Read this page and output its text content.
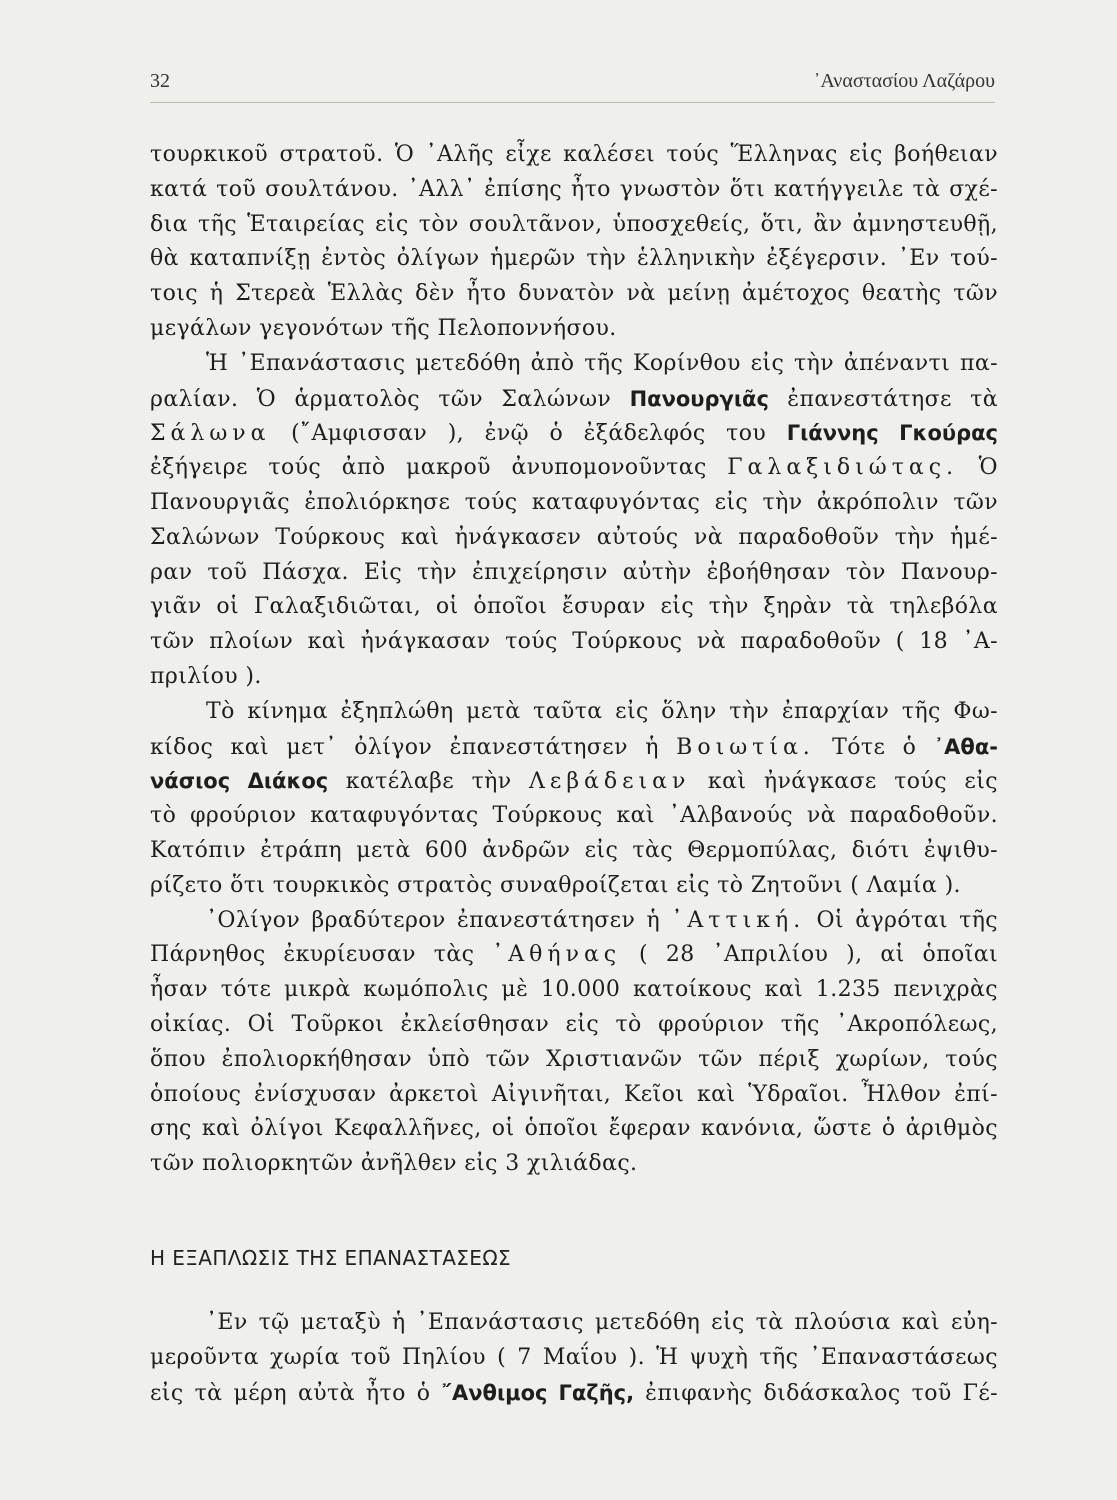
32	᾿Αναστασίου Λαζάρου
τουρκικοῦ στρατοῦ. Ὁ ᾿Αλῆς εἶχε καλέσει τούς Ἕλληνας εἰς βοήθειαν
κατά τοῦ σουλτάνου. ᾿Αλλ᾿ ἐπίσης ἦτο γνωστὸν ὅτι κατήγγειλε τὰ σχέ-
δια τῆς Ἑταιρείας εἰς τὸν σουλτᾶνον, ὑποσχεθείς, ὅτι, ἂν ἀμνηστευθῇ,
θὰ καταπνίξῃ ἐντὸς ὀλίγων ἡμερῶν τὴν ἑλληνικὴν ἐξέγερσιν. ᾿Εν τού-
τοις ἡ Στερεὰ Ἑλλὰς δὲν ἦτο δυνατὸν νὰ μείνῃ ἀμέτοχος θεατὴς τῶν
μεγάλων γεγονότων τῆς Πελοποννήσου.
Ἡ ᾿Επανάστασις μετεδόθη ἀπὸ τῆς Κορίνθου εἰς τὴν ἀπέναντι πα-
ραλίαν. Ὁ ἁρματολὸς τῶν Σαλώνων Πανουργιᾶς ἐπανεστάτησε τὰ
Σάλωνα (῎Αμφισσαν ), ἐνῷ ὁ ἐξάδελφός του Γιάννης Γκούρας
ἐξήγειρε τούς ἀπὸ μακροῦ ἀνυπομονοῦντας Γαλαξιδιώτας. Ὁ
Πανουργιᾶς ἐπολιόρκησε τούς καταφυγόντας εἰς τὴν ἀκρόπολιν τῶν
Σαλώνων Τούρκους καὶ ἠνάγκασεν αὐτούς νὰ παραδοθοῦν τὴν ἡμέ-
ραν τοῦ Πάσχα. Εἰς τὴν ἐπιχείρησιν αὐτὴν ἐβοήθησαν τὸν Πανουρ-
γιᾶν οἱ Γαλαξιδιῶται, οἱ ὁποῖοι ἔσυραν εἰς τὴν ξηρὰν τὰ τηλεβόλα
τῶν πλοίων καὶ ἠνάγκασαν τούς Τούρκους νὰ παραδοθοῦν ( 18 ᾿Α-
πριλίου ).
Τὸ κίνημα ἐξηπλώθη μετὰ ταῦτα εἰς ὅλην τὴν ἐπαρχίαν τῆς Φω-
κίδος καὶ μετ᾿ ὀλίγον ἐπανεστάτησεν ἡ Βοιωτία. Τότε ὁ ᾿Αθα-
νάσιος Διάκος κατέλαβε τὴν Λεβάδειαν καὶ ἠνάγκασε τούς εἰς
τὸ φρούριον καταφυγόντας Τούρκους καὶ ᾿Αλβανούς νὰ παραδοθοῦν.
Κατόπιν ἐτράπη μετὰ 600 ἀνδρῶν εἰς τὰς Θερμοπύλας, διότι ἐψιθυ-
ρίζετο ὅτι τουρκικὸς στρατὸς συναθροίζεται εἰς τὸ Ζητοῦνι ( Λαμία ).
᾿Ολίγον βραδύτερον ἐπανεστάτησεν ἡ ᾿Αττική. Οἱ ἀγρόται τῆς
Πάρνηθος ἐκυρίευσαν τὰς ᾿Αθήνας ( 28 ᾿Απριλίου ), αἱ ὁποῖαι
ἦσαν τότε μικρὰ κωμόπολις μὲ 10.000 κατοίκους καὶ 1.235 πενιχρὰς
οἰκίας. Οἱ Τοῦρκοι ἐκλείσθησαν εἰς τὸ φρούριον τῆς ᾿Ακροπόλεως,
ὅπου ἐπολιορκήθησαν ὑπὸ τῶν Χριστιανῶν τῶν πέριξ χωρίων, τούς
ὁποίους ἐνίσχυσαν ἀρκετοὶ Αἰγινῆται, Κεῖοι καὶ Ὑδραῖοι. Ἦλθον ἐπί-
σης καὶ ὀλίγοι Κεφαλλῆνες, οἱ ὁποῖοι ἔφεραν κανόνια, ὥστε ὁ ἀριθμὸς
τῶν πολιορκητῶν ἀνῆλθεν εἰς 3 χιλιάδας.
Η ΕΞΑΠΛΩΣΙΣ ΤΗΣ ΕΠΑΝΑΣΤΑΣΕΩΣ
᾿Εν τῷ μεταξὺ ἡ ᾿Επανάστασις μετεδόθη εἰς τὰ πλούσια καὶ εὐη-
μεροῦντα χωρία τοῦ Πηλίου ( 7 Μαΐου ). Ἡ ψυχὴ τῆς ᾿Επαναστάσεως
εἰς τὰ μέρη αὐτὰ ἦτο ὁ ῎Ανθιμος Γαζῆς, ἐπιφανὴς διδάσκαλος τοῦ Γέ-
